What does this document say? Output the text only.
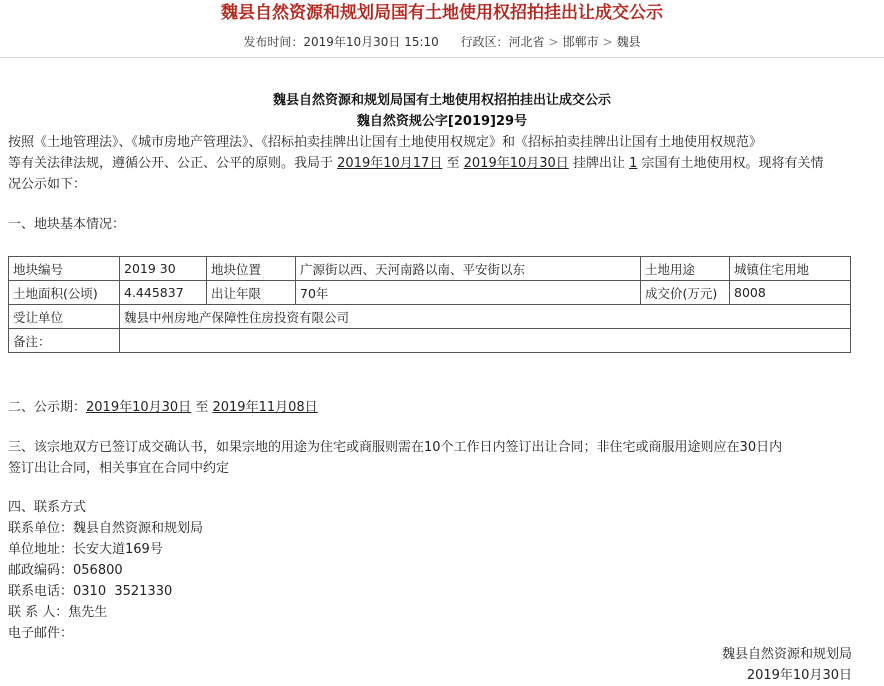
魏县自然资源和规划局国有土地使用权招拍挂出让成交公示
发布时间：2019年10月30日 15:10 行政区：河北省 > 邯郸市 > 魏县
魏县自然资源和规划局国有土地使用权招拍挂出让成交公示
魏自然资规公字[2019]29号
按照《土地管理法》、《城市房地产管理法》、《招标拍卖挂牌出让国有土地使用权规定》和《招标拍卖挂牌出让国有土地使用权规范》
等有关法律法规，遵循公开、公正、公平的原则。我局于 2019年10月17日 至 2019年10月30日 挂牌出让 1 宗国有土地使用权。现将有关情
况公示如下：
一、地块基本情况：
地块编号	2019 30	地块位置	广源街以西、天河南路以南、平安街以东	土地用途	城镇住宅用地
土地面积(公顷)	4.445837	出让年限	70年	成交价(万元)	8008
受让单位	魏县中州房地产保障性住房投资有限公司				
备注：					
二、公示期：2019年10月30日 至 2019年11月08日
三、该宗地双方已签订成交确认书，如果宗地的用途为住宅或商服则需在10个工作日内签订出让合同；非住宅或商服用途则应在30日内
签订出让合同，相关事宜在合同中约定
四、联系方式
联系单位：魏县自然资源和规划局
单位地址：长安大道169号
邮政编码：056800
联系电话：0310  3521330
联 系 人：焦先生
电子邮件：
魏县自然资源和规划局
2019年10月30日
